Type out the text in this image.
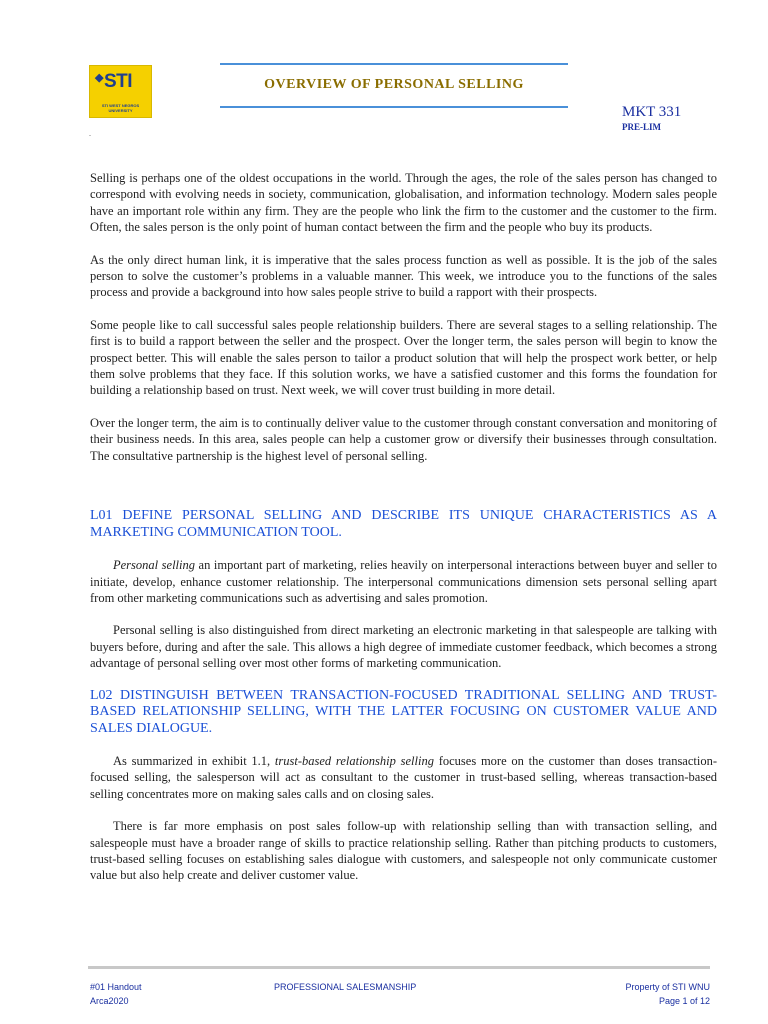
◆STI
STI WEST NEGROS UNIVERSITY
.
OVERVIEW OF PERSONAL SELLING
MKT 331
PRE-LIM

Selling is perhaps one of the oldest occupations in the world. Through the ages, the role of the sales person has changed to correspond with evolving needs in society, communication, globalisation, and information technology. Modern sales people have an important role within any firm. They are the people who link the firm to the customer and the customer to the firm. Often, the sales person is the only point of human contact between the firm and the people who buy its products.

As the only direct human link, it is imperative that the sales process function as well as possible. It is the job of the sales person to solve the customer’s problems in a valuable manner. This week, we introduce you to the functions of the sales process and provide a background into how sales people strive to build a rapport with their prospects.

Some people like to call successful sales people relationship builders. There are several stages to a selling relationship. The first is to build a rapport between the seller and the prospect. Over the longer term, the sales person will begin to know the prospect better. This will enable the sales person to tailor a product solution that will help the prospect work better, or help them solve problems that they face. If this solution works, we have a satisfied customer and this forms the foundation for building a relationship based on trust. Next week, we will cover trust building in more detail.

Over the longer term, the aim is to continually deliver value to the customer through constant conversation and monitoring of their business needs. In this area, sales people can help a customer grow or diversify their businesses through consultation. The consultative partnership is the highest level of personal selling.

L01 DEFINE PERSONAL SELLING AND DESCRIBE ITS UNIQUE CHARACTERISTICS AS A MARKETING COMMUNICATION TOOL.

Personal selling an important part of marketing, relies heavily on interpersonal interactions between buyer and seller to initiate, develop, enhance customer relationship. The interpersonal communications dimension sets personal selling apart from other marketing communications such as advertising and sales promotion.

Personal selling is also distinguished from direct marketing an electronic marketing in that salespeople are talking with buyers before, during and after the sale. This allows a high degree of immediate customer feedback, which becomes a strong advantage of personal selling over most other forms of marketing communication.

L02 DISTINGUISH BETWEEN TRANSACTION-FOCUSED TRADITIONAL SELLING AND TRUST-BASED RELATIONSHIP SELLING, WITH THE LATTER FOCUSING ON CUSTOMER VALUE AND SALES DIALOGUE.

As summarized in exhibit 1.1, trust-based relationship selling focuses more on the customer than doses transaction-focused selling, the salesperson will act as consultant to the customer in trust-based selling, whereas transaction-based selling concentrates more on making sales calls and on closing sales.

There is far more emphasis on post sales follow-up with relationship selling than with transaction selling, and salespeople must have a broader range of skills to practice relationship selling. Rather than pitching products to customers, trust-based selling focuses on establishing sales dialogue with customers, and salespeople not only communicate customer value but also help create and deliver customer value.

#01 Handout
Arca2020
PROFESSIONAL SALESMANSHIP	Property of STI WNU
Page 1 of 12
